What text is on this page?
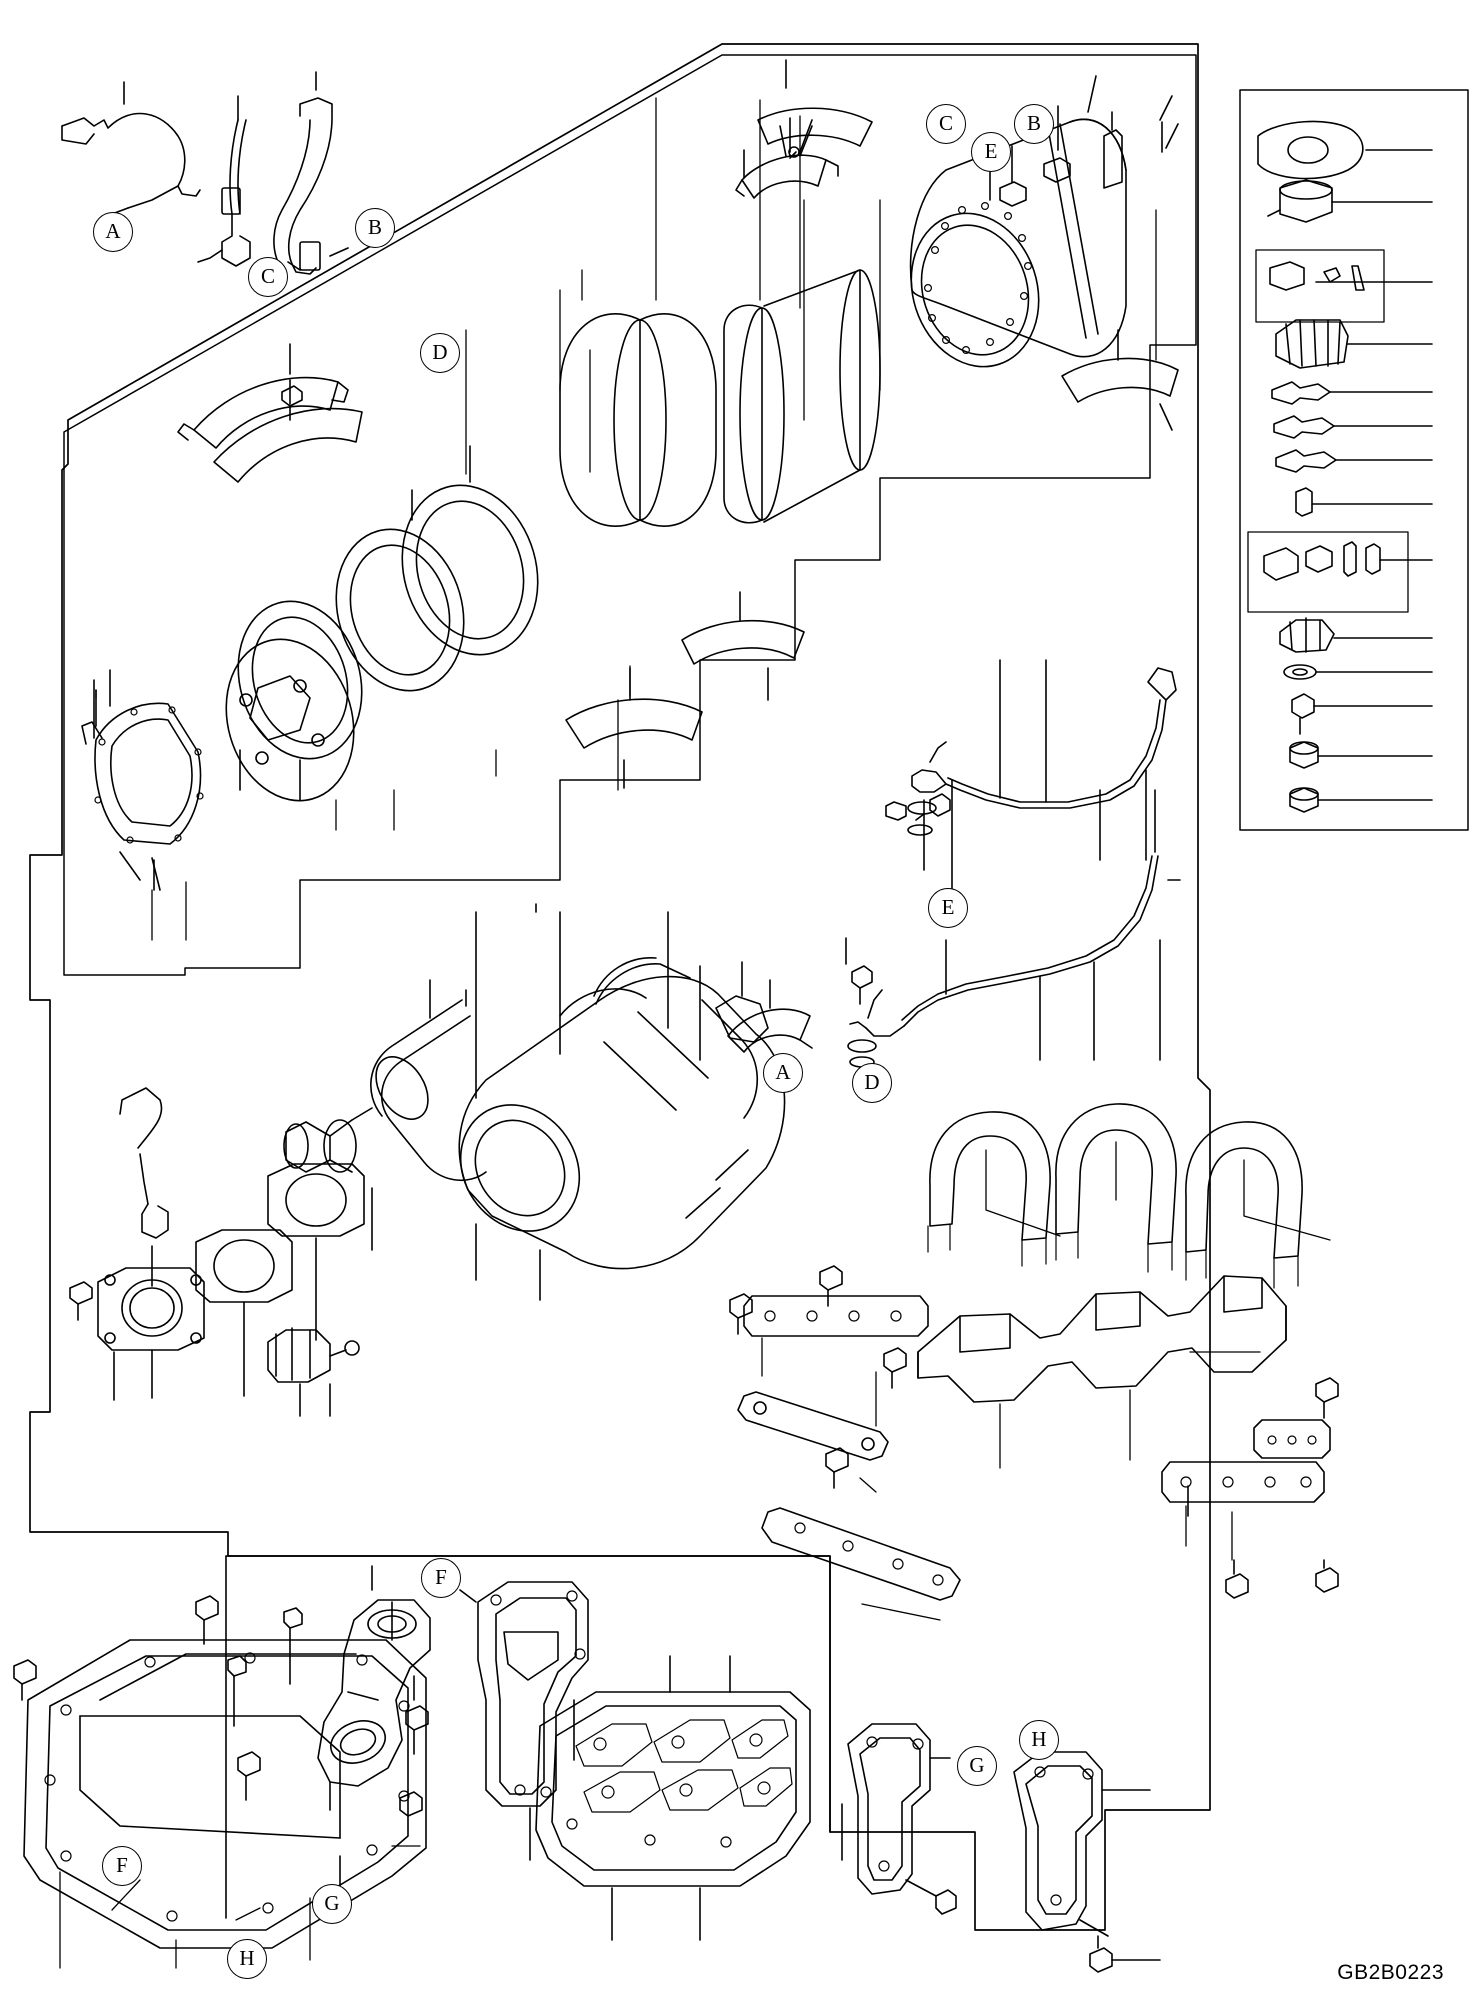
A	B
C
C
E
B
D
E
D
A
F
F
G
H
G
H
GB2B0223
